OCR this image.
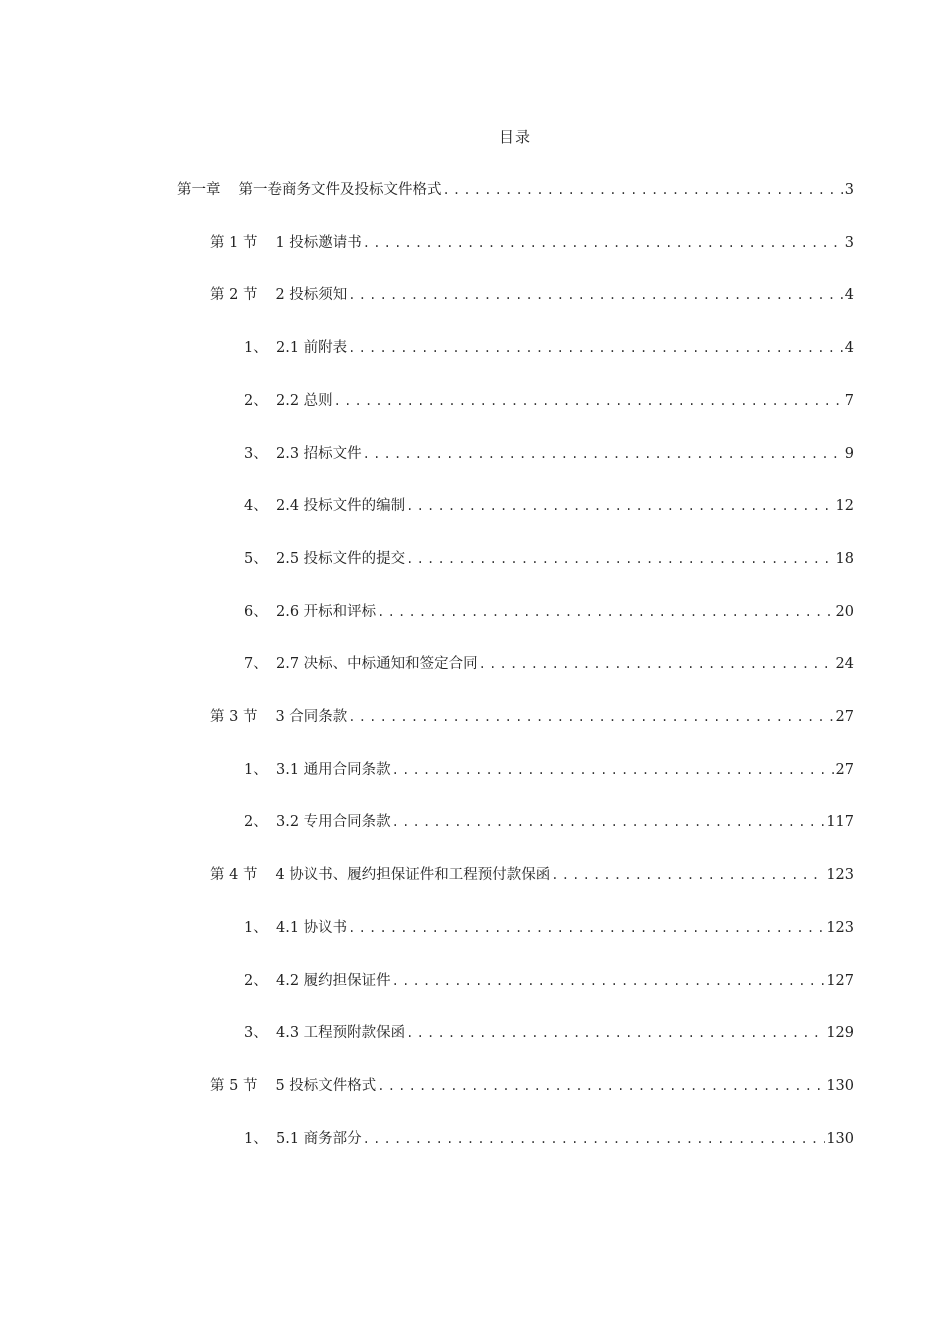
目录
第一章 第一卷商务文件及投标文件格式 .....	3
第 1 节 1 投标邀请书 .....	3
第 2 节 2 投标须知 .....	4
1、 2.1 前附表 .....	4
2、 2.2 总则 .....	7
3、 2.3 招标文件 .....	9
4、 2.4 投标文件的编制 .....	12
5、 2.5 投标文件的提交 .....	18
6、 2.6 开标和评标 .....	20
7、 2.7 决标、中标通知和签定合同 .....	24
第 3 节 3 合同条款 .....	27
1、 3.1 通用合同条款 .....	27
2、 3.2 专用合同条款 .....	117
第 4 节 4 协议书、履约担保证件和工程预付款保函 .....	123
1、 4.1 协议书 .....	123
2、 4.2 履约担保证件 .....	127
3、 4.3 工程预附款保函 .....	129
第 5 节 5 投标文件格式 .....	130
1、 5.1 商务部分 .....	130
